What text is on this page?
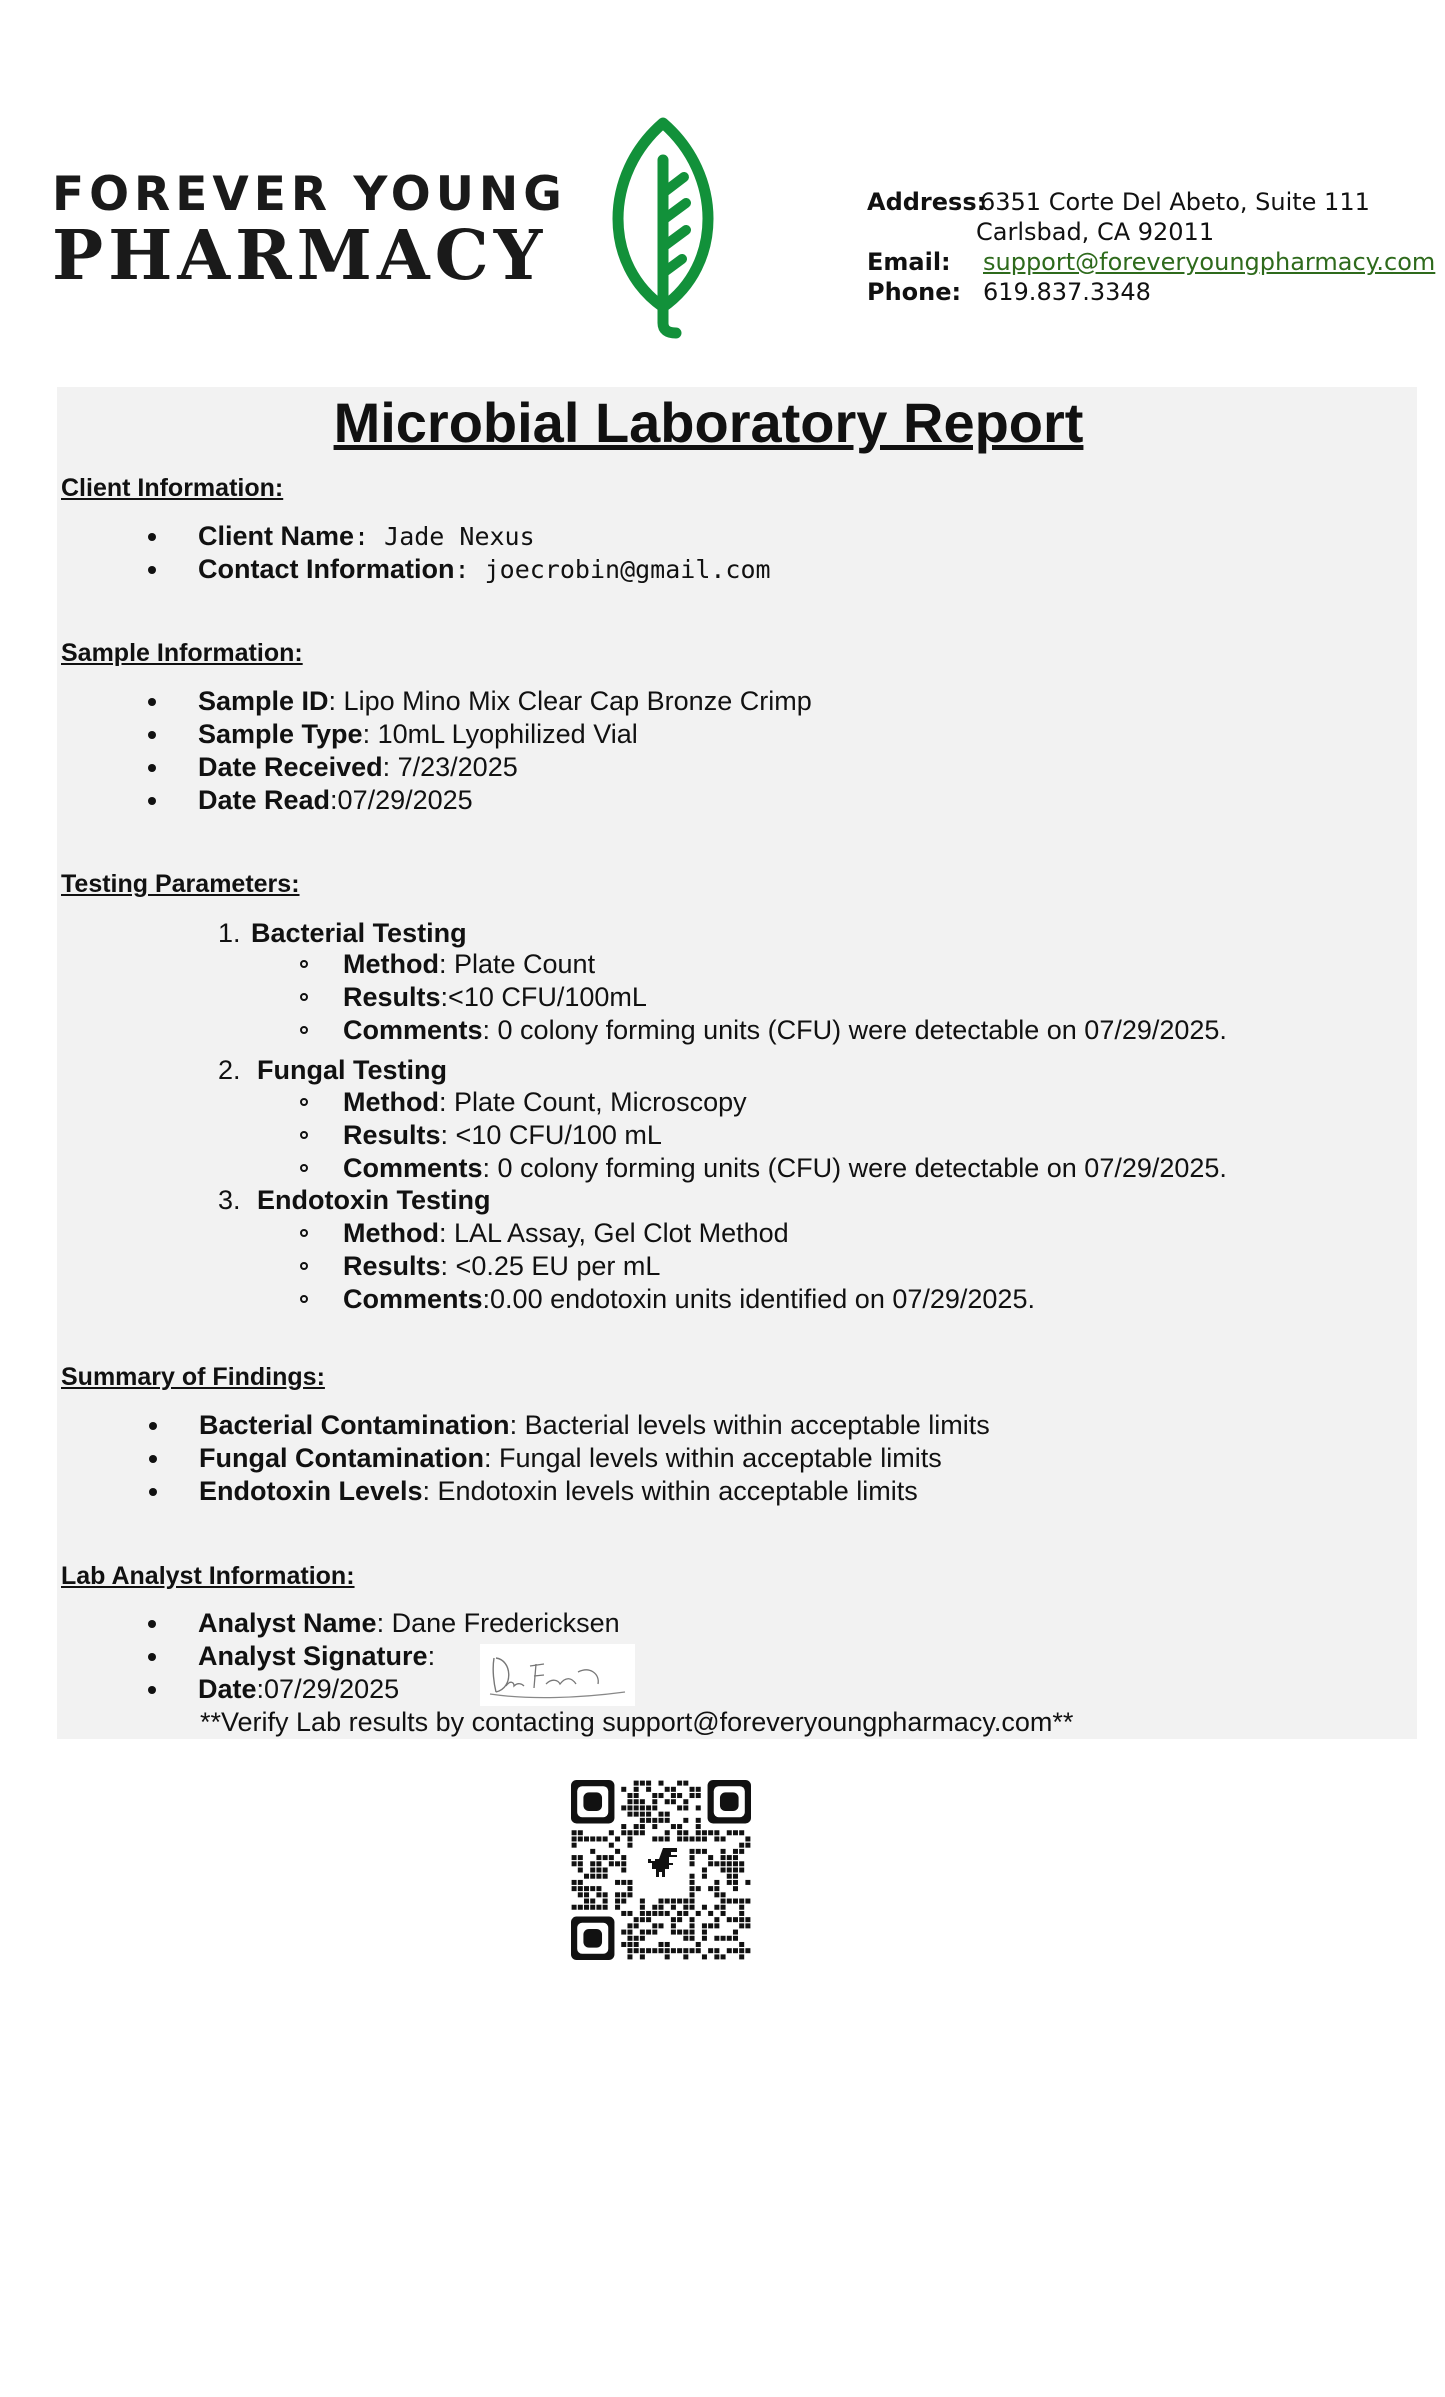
FOREVER YOUNG
PHARMACY
Address:
6351 Corte Del Abeto, Suite 111
Carlsbad, CA 92011
Email: support@foreveryoungpharmacy.com
Phone: 619.837.3348
Microbial Laboratory Report
Client Information:
Client Name: Jade Nexus
Contact Information: joecrobin@gmail.com
Sample Information:
Sample ID: Lipo Mino Mix Clear Cap Bronze Crimp
Sample Type: 10mL Lyophilized Vial
Date Received: 7/23/2025
Date Read:07/29/2025
Testing Parameters:
1. Bacterial Testing
Method: Plate Count
Results:<10 CFU/100mL
Comments: 0 colony forming units (CFU) were detectable on 07/29/2025.
2. Fungal Testing
Method: Plate Count, Microscopy
Results: <10 CFU/100 mL
Comments: 0 colony forming units (CFU) were detectable on 07/29/2025.
3. Endotoxin Testing
Method: LAL Assay, Gel Clot Method
Results: <0.25 EU per mL
Comments:0.00 endotoxin units identified on 07/29/2025.
Summary of Findings:
Bacterial Contamination: Bacterial levels within acceptable limits
Fungal Contamination: Fungal levels within acceptable limits
Endotoxin Levels: Endotoxin levels within acceptable limits
Lab Analyst Information:
Analyst Name: Dane Fredericksen
Analyst Signature:
Date:07/29/2025
**Verify Lab results by contacting support@foreveryoungpharmacy.com**
